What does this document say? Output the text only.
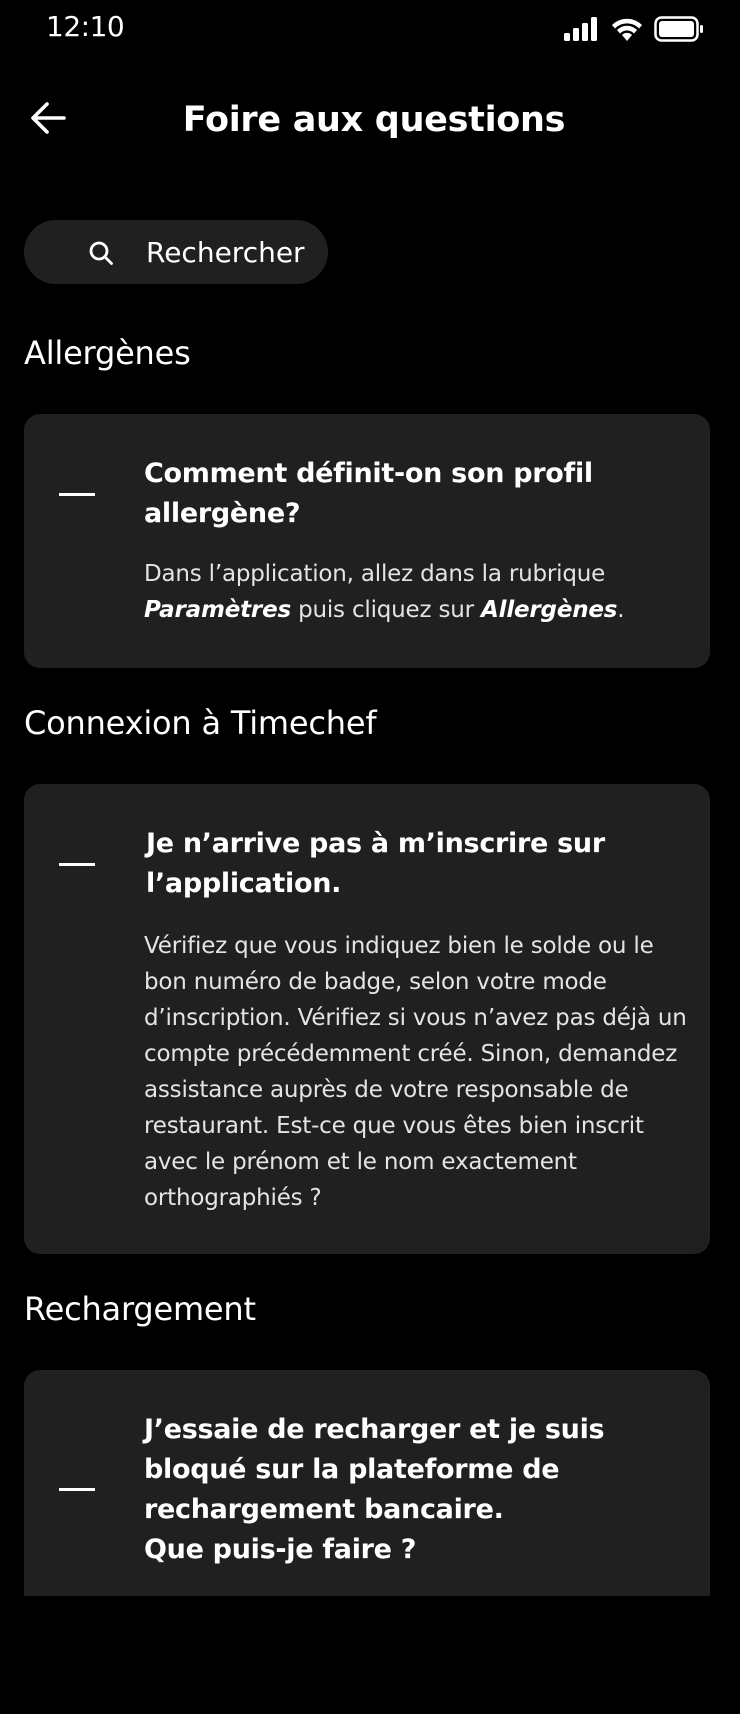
12:10
Foire aux questions
Rechercher
Allergènes
Comment définit-on son profil allergène?
Dans l’application, allez dans la rubrique Paramètres puis cliquez sur Allergènes.
Connexion à Timechef
Je n’arrive pas à m’inscrire sur l’application.
Vérifiez que vous indiquez bien le solde ou le bon numéro de badge, selon votre mode d’inscription. Vérifiez si vous n’avez pas déjà un compte précédemment créé. Sinon, demandez assistance auprès de votre responsable de restaurant. Est-ce que vous êtes bien inscrit avec le prénom et le nom exactement orthographiés ?
Rechargement
J’essaie de recharger et je suis bloqué sur la plateforme de rechargement bancaire.
Que puis-je faire ?
